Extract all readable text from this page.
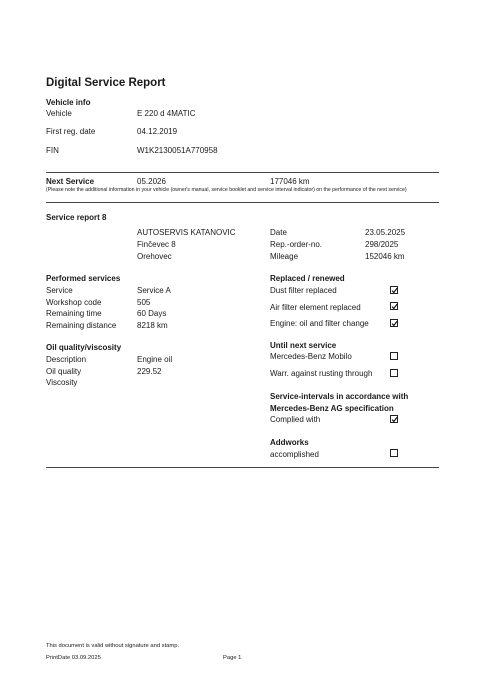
Digital Service Report
Vehicle info
Vehicle	E 220 d 4MATIC
First reg. date	04.12.2019
FIN	W1K2130051A770958
Next Service	05.2026	177046 km
(Please note the additional information in your vehicle (owner's manual, service booklet and service interval indicator) on the performance of the next service)
Service report 8
AUTOSERVIS KATANOVIC
Finčevec 8
Orehovec
Date	23.05.2025
Rep.-order-no.	298/2025
Mileage	152046 km
Performed services
Service	Service A
Workshop code	505
Remaining time	60 Days
Remaining distance	8218 km
Oil quality/viscosity
Description	Engine oil
Oil quality	229.52
Viscosity
Replaced / renewed
Dust filter replaced
Air filter element replaced
Engine: oil and filter change
Until next service
Mercedes-Benz Mobilo
Warr. against rusting through
Service-intervals in accordance with
Mercedes-Benz AG specification
Complied with
Addworks
accomplished
This document is valid without signature and stamp.
PrintDate 03.09.2025	Page 1
